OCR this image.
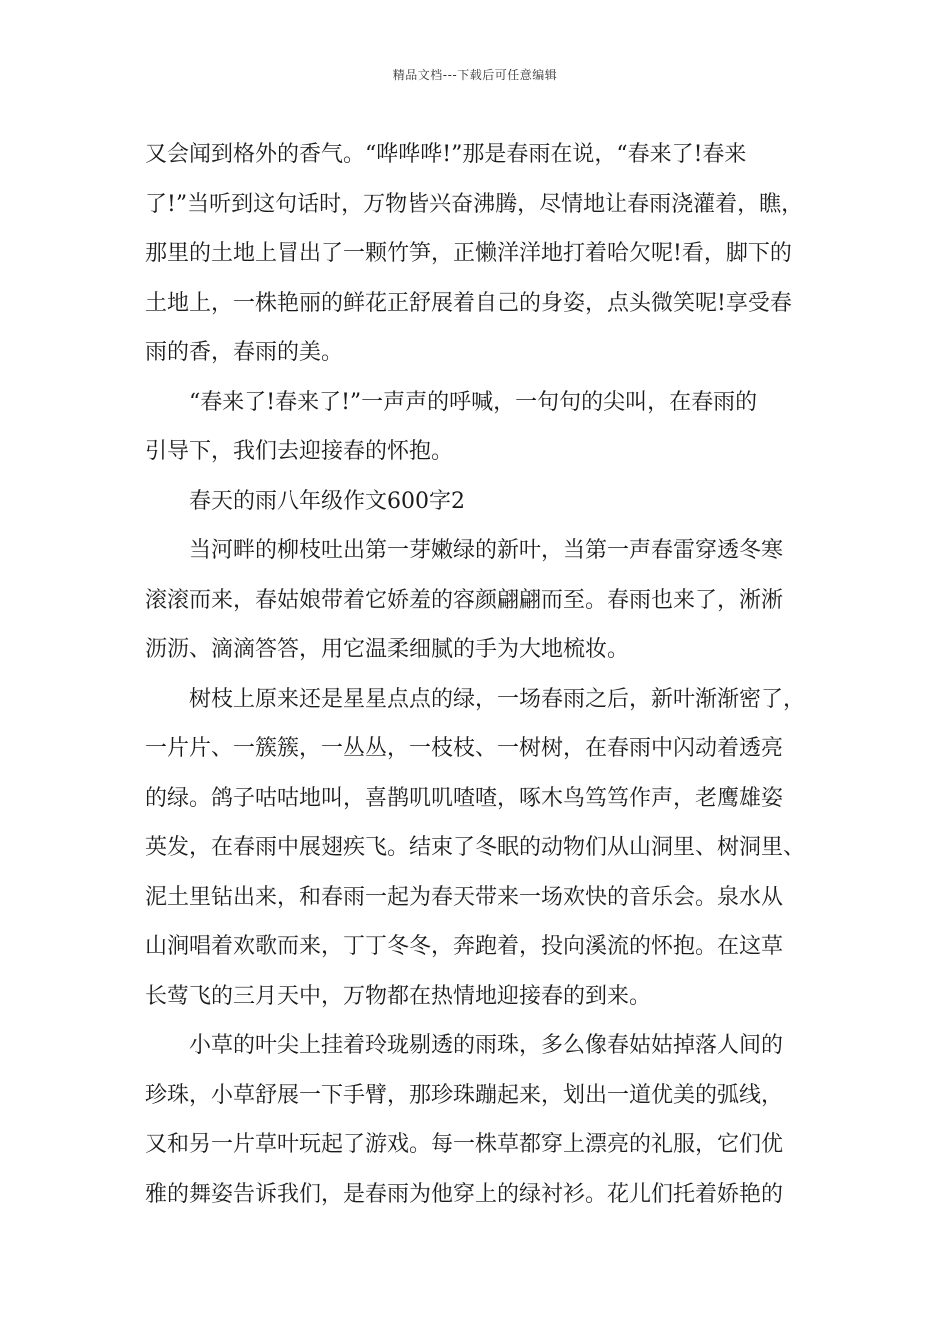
精品文档---下载后可任意编辑
又会闻到格外的香气。“哗哗哗!”那是春雨在说，“春来了!春来
了!”当听到这句话时，万物皆兴奋沸腾，尽情地让春雨浇灌着，瞧，
那里的土地上冒出了一颗竹笋，正懒洋洋地打着哈欠呢!看，脚下的
土地上，一株艳丽的鲜花正舒展着自己的身姿，点头微笑呢!享受春
雨的香，春雨的美。
“春来了!春来了!”一声声的呼喊，一句句的尖叫，在春雨的
引导下，我们去迎接春的怀抱。
春天的雨八年级作文600字2
当河畔的柳枝吐出第一芽嫩绿的新叶，当第一声春雷穿透冬寒
滚滚而来，春姑娘带着它娇羞的容颜翩翩而至。春雨也来了，淅淅
沥沥、滴滴答答，用它温柔细腻的手为大地梳妆。
树枝上原来还是星星点点的绿，一场春雨之后，新叶渐渐密了，
一片片、一簇簇，一丛丛，一枝枝、一树树，在春雨中闪动着透亮
的绿。鸽子咕咕地叫，喜鹊叽叽喳喳，啄木鸟笃笃作声，老鹰雄姿
英发，在春雨中展翅疾飞。结束了冬眠的动物们从山洞里、树洞里、
泥土里钻出来，和春雨一起为春天带来一场欢快的音乐会。泉水从
山涧唱着欢歌而来，丁丁冬冬，奔跑着，投向溪流的怀抱。在这草
长莺飞的三月天中，万物都在热情地迎接春的到来。
小草的叶尖上挂着玲珑剔透的雨珠，多么像春姑姑掉落人间的
珍珠，小草舒展一下手臂，那珍珠蹦起来，划出一道优美的弧线，
又和另一片草叶玩起了游戏。每一株草都穿上漂亮的礼服，它们优
雅的舞姿告诉我们，是春雨为他穿上的绿衬衫。花儿们托着娇艳的
